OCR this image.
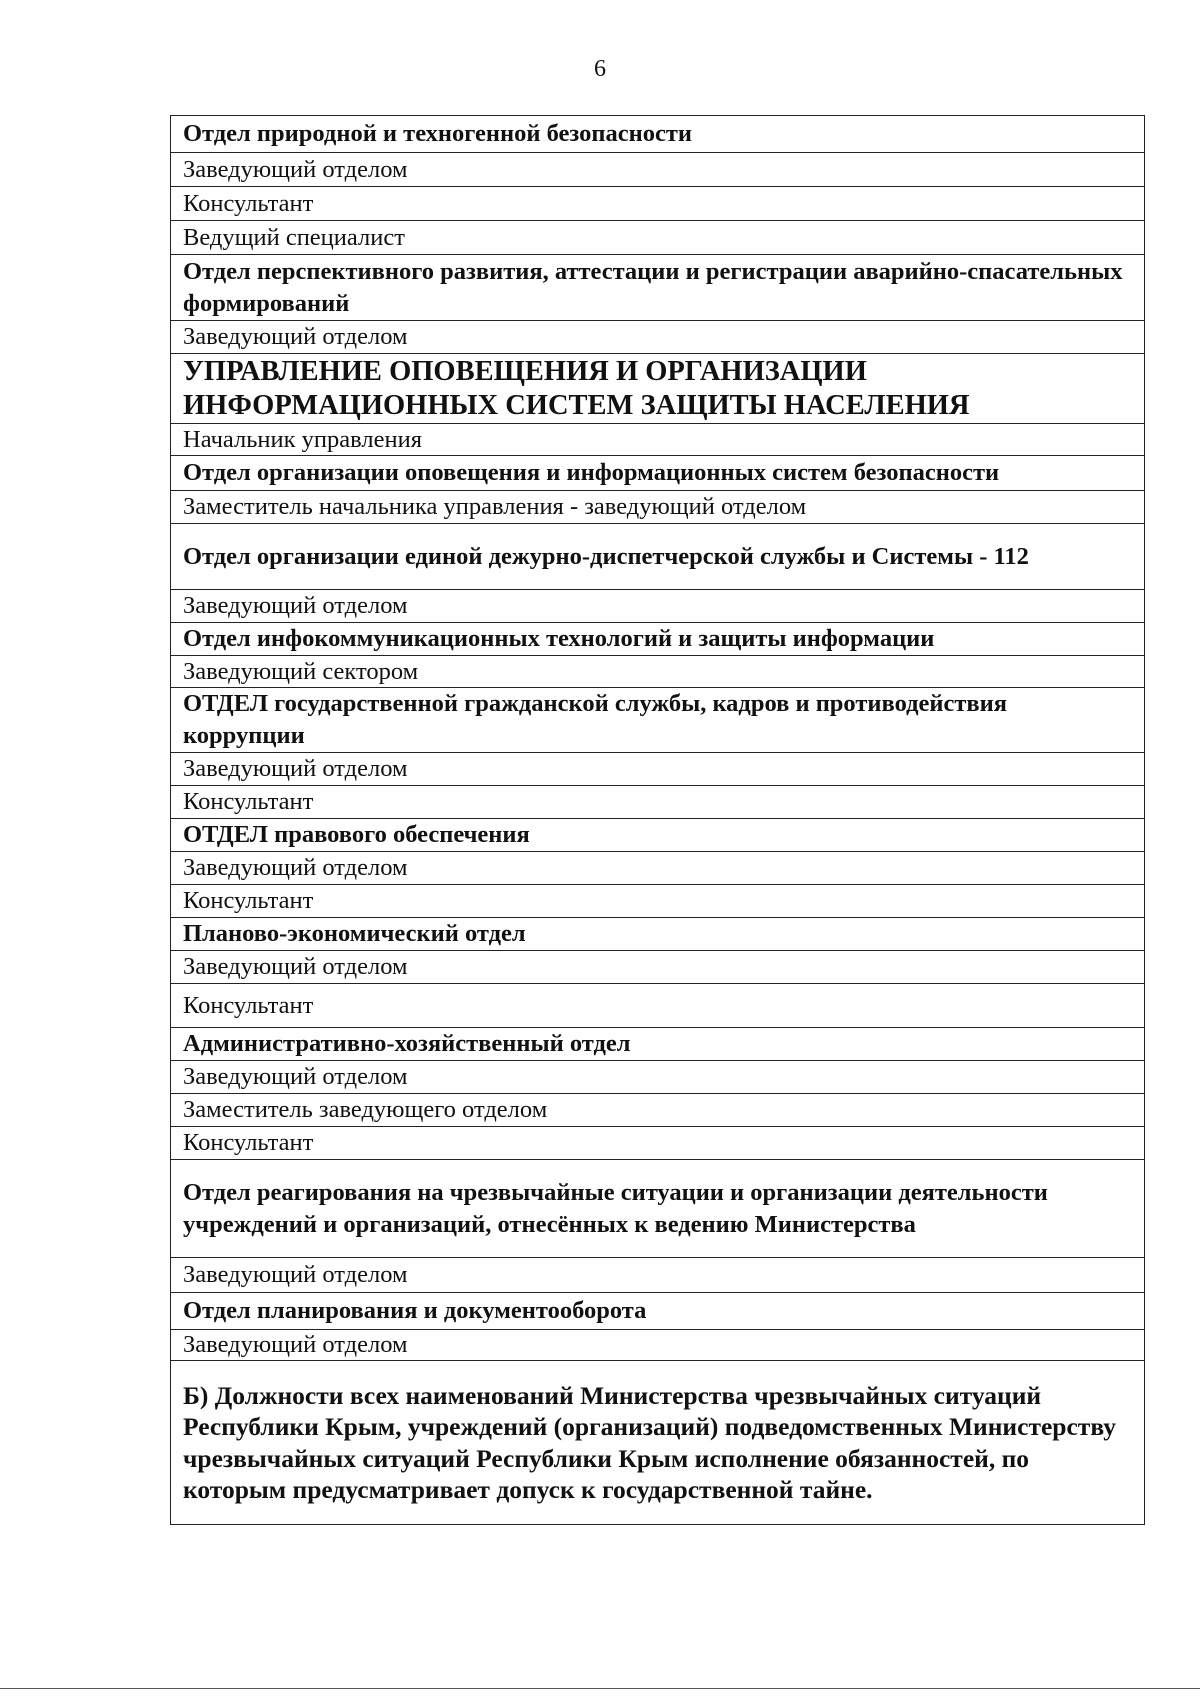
6
Отдел природной и техногенной безопасности
Заведующий отделом
Консультант
Ведущий специалист
Отдел перспективного развития, аттестации и регистрации аварийно-спасательных формирований
Заведующий отделом
УПРАВЛЕНИЕ ОПОВЕЩЕНИЯ И ОРГАНИЗАЦИИ ИНФОРМАЦИОННЫХ СИСТЕМ ЗАЩИТЫ НАСЕЛЕНИЯ
Начальник управления
Отдел организации оповещения и информационных систем безопасности
Заместитель начальника управления - заведующий отделом
Отдел организации единой дежурно-диспетчерской службы и Системы - 112
Заведующий отделом
Отдел инфокоммуникационных технологий и защиты информации
Заведующий сектором
ОТДЕЛ государственной гражданской службы, кадров и противодействия коррупции
Заведующий отделом
Консультант
ОТДЕЛ правового обеспечения
Заведующий отделом
Консультант
Планово-экономический отдел
Заведующий отделом
Консультант
Административно-хозяйственный отдел
Заведующий отделом
Заместитель заведующего отделом
Консультант
Отдел реагирования на чрезвычайные ситуации и организации деятельности учреждений и организаций, отнесённых к ведению Министерства
Заведующий отделом
Отдел планирования и документооборота
Заведующий отделом
Б) Должности всех наименований Министерства чрезвычайных ситуаций Республики Крым, учреждений (организаций) подведомственных Министерству чрезвычайных ситуаций Республики Крым исполнение обязанностей, по которым предусматривает допуск к государственной тайне.
